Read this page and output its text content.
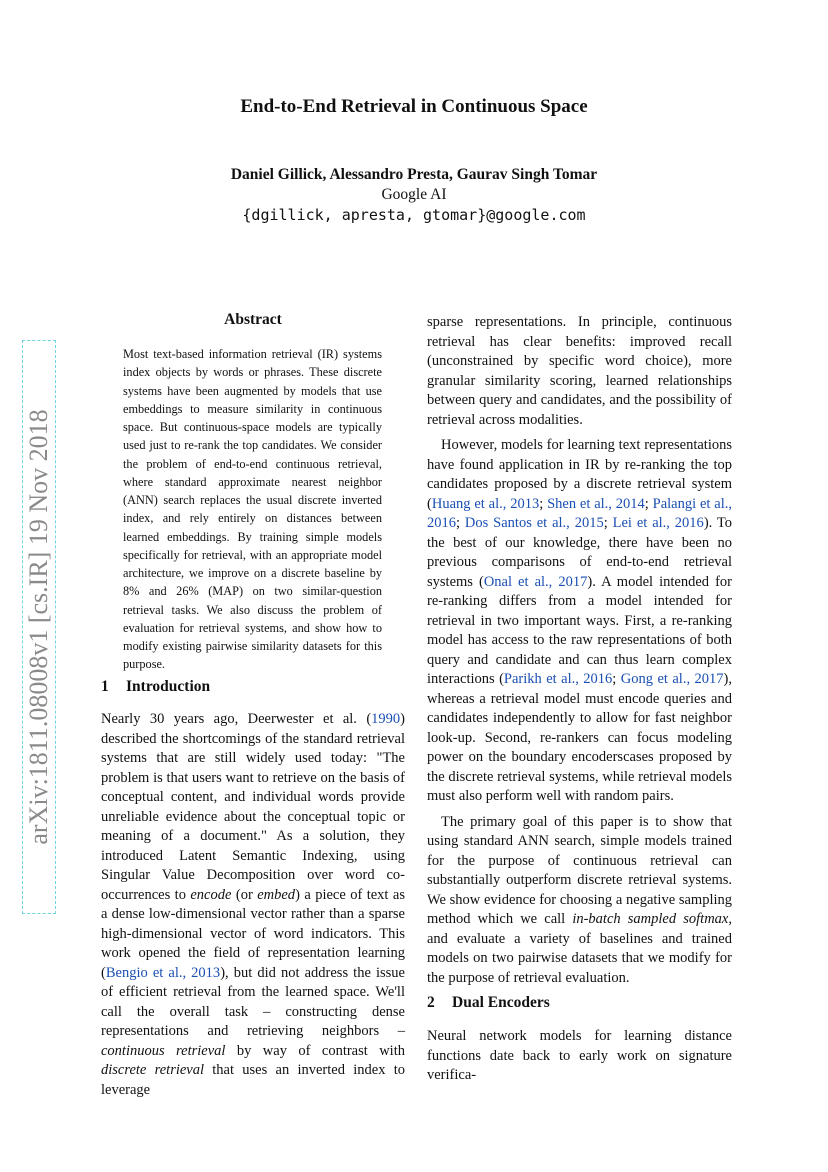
End-to-End Retrieval in Continuous Space
Daniel Gillick, Alessandro Presta, Gaurav Singh Tomar
Google AI
{dgillick, apresta, gtomar}@google.com
arXiv:1811.08008v1 [cs.IR] 19 Nov 2018
Abstract
Most text-based information retrieval (IR) systems index objects by words or phrases. These discrete systems have been augmented by models that use embeddings to measure similarity in continuous space. But continuous-space models are typically used just to re-rank the top candidates. We consider the problem of end-to-end continuous retrieval, where standard approximate nearest neighbor (ANN) search replaces the usual discrete inverted index, and rely entirely on distances between learned embeddings. By training simple models specifically for retrieval, with an appropriate model architecture, we improve on a discrete baseline by 8% and 26% (MAP) on two similar-question retrieval tasks. We also discuss the problem of evaluation for retrieval systems, and show how to modify existing pairwise similarity datasets for this purpose.
1 Introduction
Nearly 30 years ago, Deerwester et al. (1990) described the shortcomings of the standard retrieval systems that are still widely used today: "The problem is that users want to retrieve on the basis of conceptual content, and individual words provide unreliable evidence about the conceptual topic or meaning of a document." As a solution, they introduced Latent Semantic Indexing, using Singular Value Decomposition over word co-occurrences to encode (or embed) a piece of text as a dense low-dimensional vector rather than a sparse high-dimensional vector of word indicators. This work opened the field of representation learning (Bengio et al., 2013), but did not address the issue of efficient retrieval from the learned space. We'll call the overall task – constructing dense representations and retrieving neighbors – continuous retrieval by way of contrast with discrete retrieval that uses an inverted index to leverage

sparse representations. In principle, continuous retrieval has clear benefits: improved recall (unconstrained by specific word choice), more granular similarity scoring, learned relationships between query and candidates, and the possibility of retrieval across modalities.

However, models for learning text representations have found application in IR by re-ranking the top candidates proposed by a discrete retrieval system (Huang et al., 2013; Shen et al., 2014; Palangi et al., 2016; Dos Santos et al., 2015; Lei et al., 2016). To the best of our knowledge, there have been no previous comparisons of end-to-end retrieval systems (Onal et al., 2017). A model intended for re-ranking differs from a model intended for retrieval in two important ways. First, a re-ranking model has access to the raw representations of both query and candidate and can thus learn complex interactions (Parikh et al., 2016; Gong et al., 2017), whereas a retrieval model must encode queries and candidates independently to allow for fast neighbor look-up. Second, re-rankers can focus modeling power on the boundary encoderscases proposed by the discrete retrieval systems, while retrieval models must also perform well with random pairs.

The primary goal of this paper is to show that using standard ANN search, simple models trained for the purpose of continuous retrieval can substantially outperform discrete retrieval systems. We show evidence for choosing a negative sampling method which we call in-batch sampled softmax, and evaluate a variety of baselines and trained models on two pairwise datasets that we modify for the purpose of retrieval evaluation.

2 Dual Encoders
Neural network models for learning distance functions date back to early work on signature verifica-
